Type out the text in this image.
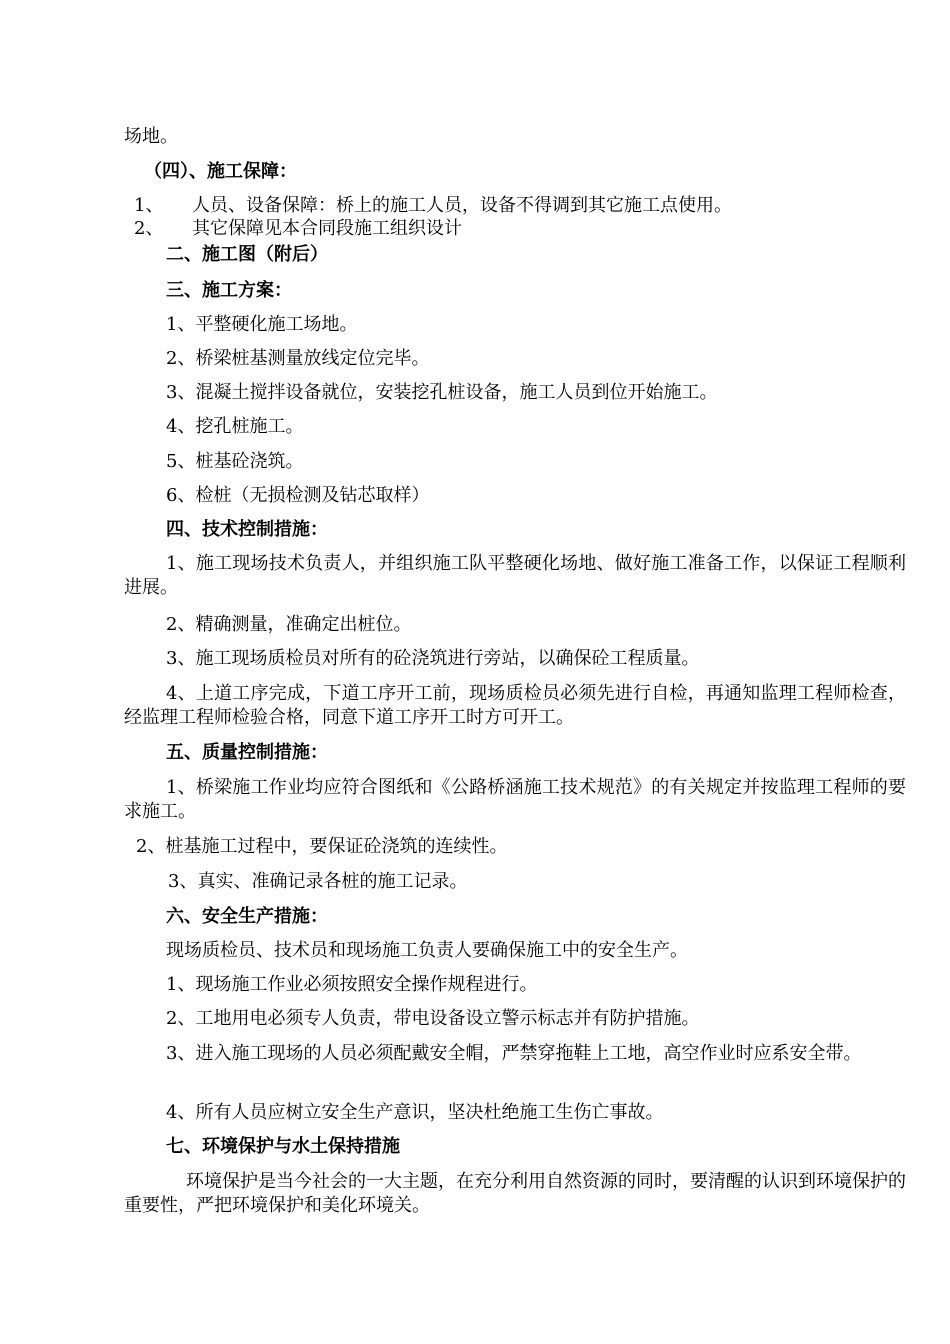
场地。
（四）、施工保障：
1、 人员、设备保障：桥上的施工人员，设备不得调到其它施工点使用。
2、 其它保障见本合同段施工组织设计
二、施工图（附后）
三、施工方案：
1、平整硬化施工场地。
2、桥梁桩基测量放线定位完毕。
3、混凝土搅拌设备就位，安装挖孔桩设备，施工人员到位开始施工。
4、挖孔桩施工。
5、桩基砼浇筑。
6、检桩（无损检测及钻芯取样）
四、技术控制措施：
1、施工现场技术负责人，并组织施工队平整硬化场地、做好施工准备工作，以保证工程顺利进展。
2、精确测量，准确定出桩位。
3、施工现场质检员对所有的砼浇筑进行旁站，以确保砼工程质量。
4、上道工序完成，下道工序开工前，现场质检员必须先进行自检，再通知监理工程师检查，经监理工程师检验合格，同意下道工序开工时方可开工。
五、质量控制措施：
1、桥梁施工作业均应符合图纸和《公路桥涵施工技术规范》的有关规定并按监理工程师的要求施工。
2、桩基施工过程中，要保证砼浇筑的连续性。
3、真实、准确记录各桩的施工记录。
六、安全生产措施：
现场质检员、技术员和现场施工负责人要确保施工中的安全生产。
1、现场施工作业必须按照安全操作规程进行。
2、工地用电必须专人负责，带电设备设立警示标志并有防护措施。
3、进入施工现场的人员必须配戴安全帽，严禁穿拖鞋上工地，高空作业时应系安全带。
4、所有人员应树立安全生产意识，坚决杜绝施工生伤亡事故。
七、环境保护与水土保持措施
环境保护是当今社会的一大主题，在充分利用自然资源的同时，要清醒的认识到环境保护的重要性，严把环境保护和美化环境关。
